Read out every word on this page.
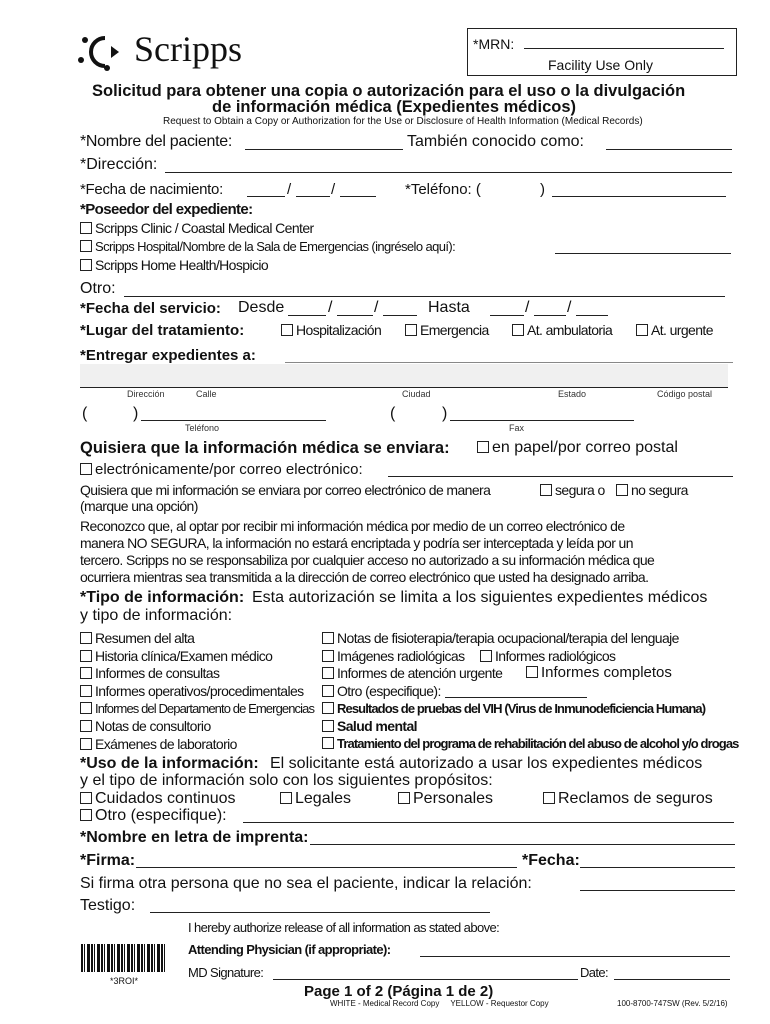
Scripps	*MRN:
Facility Use Only
Solicitud para obtener una copia o autorización para el uso o la divulgación
de información médica (Expedientes médicos)
Request to Obtain a Copy or Authorization for the Use or Disclosure of Health Information (Medical Records)
*Nombre del paciente:	También conocido como:
*Dirección:
*Fecha de nacimiento:	/	/	*Teléfono: (	)
*Poseedor del expediente:
Scripps Clinic / Coastal Medical Center
Scripps Hospital/Nombre de la Sala de Emergencias (ingréselo aquí):
Scripps Home Health/Hospicio
Otro:
*Fecha del servicio: Desde	/	/	Hasta	/ /
*Lugar del tratamiento:	Hospitalización	Emergencia	At. ambulatoria	At. urgente
*Entregar expedientes a:
Dirección	Calle	Ciudad	Estado	Código postal
(	)
Teléfono
(	)
Fax
Quisiera que la información médica se enviara:	en papel/por correo postal
electrónicamente/por correo electrónico:
Quisiera que mi información se enviara por correo electrónico de manera	segura o	no segura
(marque una opción)
Reconozco que, al optar por recibir mi información médica por medio de un correo electrónico de
manera NO SEGURA, la información no estará encriptada y podría ser interceptada y leída por un
tercero. Scripps no se responsabiliza por cualquier acceso no autorizado a su información médica que
ocurriera mientras sea transmitida a la dirección de correo electrónico que usted ha designado arriba.
*Tipo de información: Esta autorización se limita a los siguientes expedientes médicos
y tipo de información:
Resumen del alta
Historia clínica/Examen médico
Informes de consultas
Informes operativos/procedimentales
Informes del Departamento de Emergencias
Notas de consultorio
Exámenes de laboratorio
Notas de fisioterapia/terapia ocupacional/terapia del lenguaje
Imágenes radiológicas	Informes radiológicos
Informes de atención urgente	Informes completos
Otro (especifique):
Resultados de pruebas del VIH (Virus de Inmunodeficiencia Humana)
Salud mental
Tratamiento del programa de rehabilitación del abuso de alcohol y/o drogas
*Uso de la información: El solicitante está autorizado a usar los expedientes médicos
y el tipo de información solo con los siguientes propósitos:
Cuidados continuos	Legales	Personales	Reclamos de seguros
Otro (especifique):
*Nombre en letra de imprenta:
*Firma:	*Fecha:
Si firma otra persona que no sea el paciente, indicar la relación:
Testigo:
I hereby authorize release of all information as stated above:
Attending Physician (if appropriate):
MD Signature:	Date:
*3ROI*
Page 1 of 2 (Página 1 de 2)
WHITE - Medical Record Copy     YELLOW - Requestor Copy	100-8700-747SW (Rev. 5/2/16)
